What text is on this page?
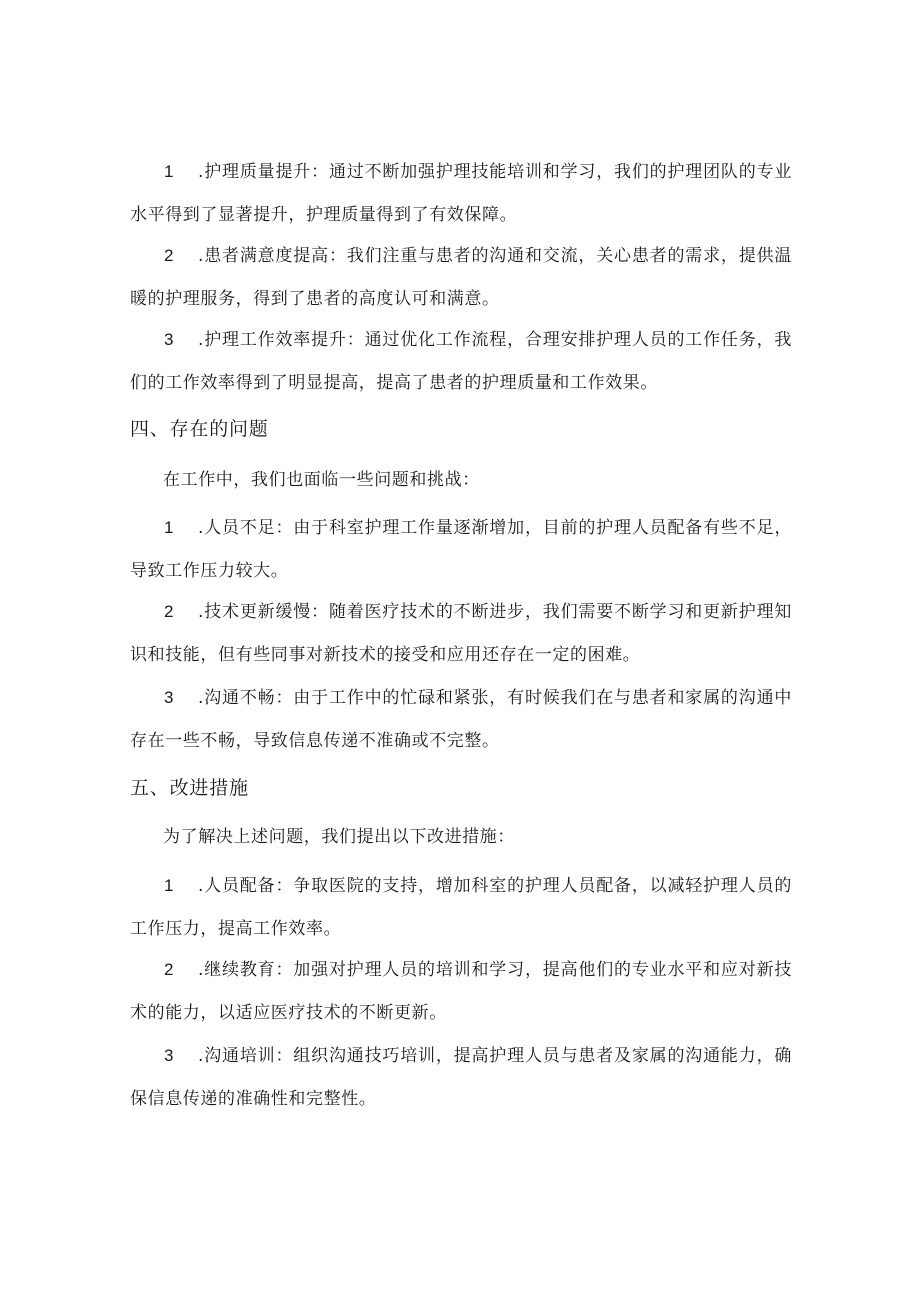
1 .护理质量提升：通过不断加强护理技能培训和学习，我们的护理团队的专业水平得到了显著提升，护理质量得到了有效保障。

2 .患者满意度提高：我们注重与患者的沟通和交流，关心患者的需求，提供温暖的护理服务，得到了患者的高度认可和满意。

3 .护理工作效率提升：通过优化工作流程，合理安排护理人员的工作任务，我们的工作效率得到了明显提高，提高了患者的护理质量和工作效果。

四、存在的问题

在工作中，我们也面临一些问题和挑战：

1 .人员不足：由于科室护理工作量逐渐增加，目前的护理人员配备有些不足，导致工作压力较大。

2 .技术更新缓慢：随着医疗技术的不断进步，我们需要不断学习和更新护理知识和技能，但有些同事对新技术的接受和应用还存在一定的困难。

3 .沟通不畅：由于工作中的忙碌和紧张，有时候我们在与患者和家属的沟通中存在一些不畅，导致信息传递不准确或不完整。

五、改进措施

为了解决上述问题，我们提出以下改进措施：

1 .人员配备：争取医院的支持，增加科室的护理人员配备，以减轻护理人员的工作压力，提高工作效率。

2 .继续教育：加强对护理人员的培训和学习，提高他们的专业水平和应对新技术的能力，以适应医疗技术的不断更新。

3 .沟通培训：组织沟通技巧培训，提高护理人员与患者及家属的沟通能力，确保信息传递的准确性和完整性。
